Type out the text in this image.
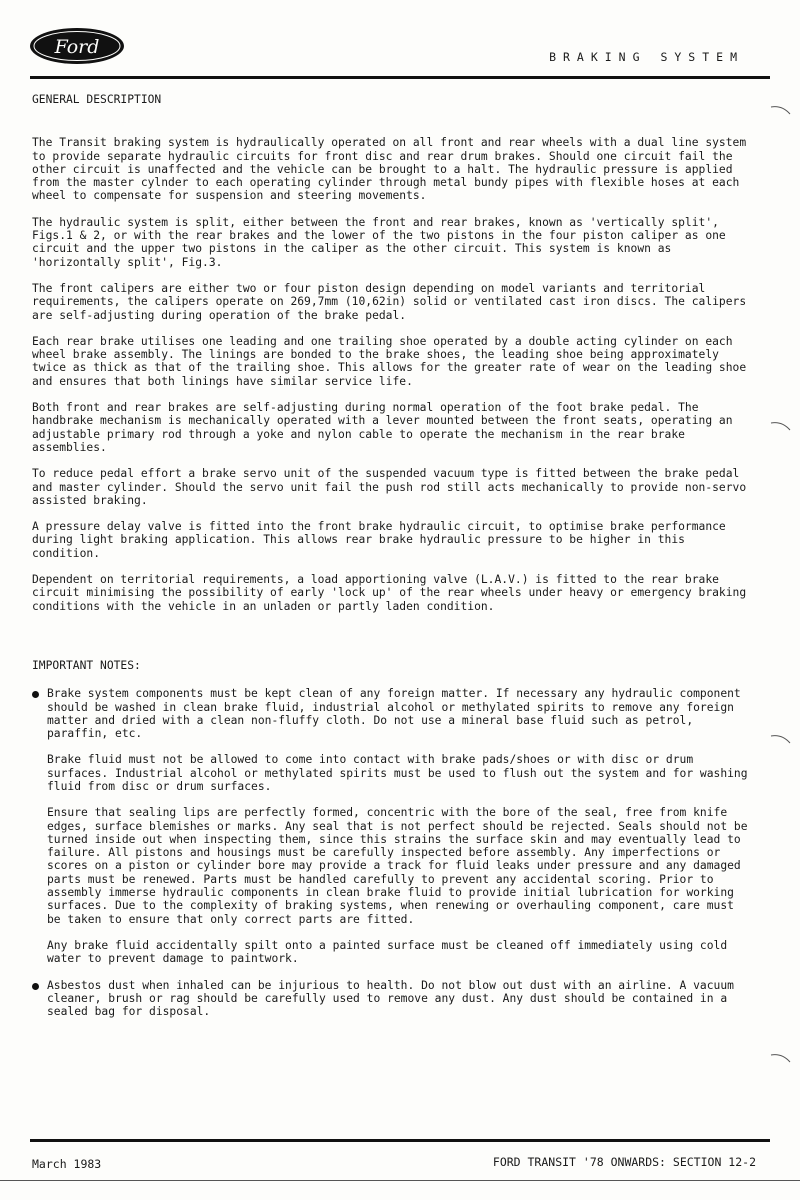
Ford	BRAKING SYSTEM
GENERAL DESCRIPTION

The Transit braking system is hydraulically operated on all front and rear wheels with a dual line system to provide separate hydraulic circuits for front disc and rear drum brakes. Should one circuit fail the other circuit is unaffected and the vehicle can be brought to a halt. The hydraulic pressure is applied from the master cylnder to each operating cylinder through metal bundy pipes with flexible hoses at each wheel to compensate for suspension and steering movements.

The hydraulic system is split, either between the front and rear brakes, known as 'vertically split', Figs.1 & 2, or with the rear brakes and the lower of the two pistons in the four piston caliper as one circuit and the upper two pistons in the caliper as the other circuit. This system is known as 'horizontally split', Fig.3.

The front calipers are either two or four piston design depending on model variants and territorial requirements, the calipers operate on 269,7mm (10,62in) solid or ventilated cast iron discs. The calipers are self-adjusting during operation of the brake pedal.

Each rear brake utilises one leading and one trailing shoe operated by a double acting cylinder on each wheel brake assembly. The linings are bonded to the brake shoes, the leading shoe being approximately twice as thick as that of the trailing shoe. This allows for the greater rate of wear on the leading shoe and ensures that both linings have similar service life.

Both front and rear brakes are self-adjusting during normal operation of the foot brake pedal. The handbrake mechanism is mechanically operated with a lever mounted between the front seats, operating an adjustable primary rod through a yoke and nylon cable to operate the mechanism in the rear brake assemblies.

To reduce pedal effort a brake servo unit of the suspended vacuum type is fitted between the brake pedal and master cylinder. Should the servo unit fail the push rod still acts mechanically to provide non-servo assisted braking.

A pressure delay valve is fitted into the front brake hydraulic circuit, to optimise brake performance during light braking application. This allows rear brake hydraulic pressure to be higher in this condition.

Dependent on territorial requirements, a load apportioning valve (L.A.V.) is fitted to the rear brake circuit minimising the possibility of early 'lock up' of the rear wheels under heavy or emergency braking conditions with the vehicle in an unladen or partly laden condition.

IMPORTANT NOTES:
Brake system components must be kept clean of any foreign matter. If necessary any hydraulic component should be washed in clean brake fluid, industrial alcohol or methylated spirits to remove any foreign matter and dried with a clean non-fluffy cloth. Do not use a mineral base fluid such as petrol, paraffin, etc.

Brake fluid must not be allowed to come into contact with brake pads/shoes or with disc or drum surfaces. Industrial alcohol or methylated spirits must be used to flush out the system and for washing fluid from disc or drum surfaces.

Ensure that sealing lips are perfectly formed, concentric with the bore of the seal, free from knife edges, surface blemishes or marks. Any seal that is not perfect should be rejected. Seals should not be turned inside out when inspecting them, since this strains the surface skin and may eventually lead to failure. All pistons and housings must be carefully inspected before assembly. Any imperfections or scores on a piston or cylinder bore may provide a track for fluid leaks under pressure and any damaged parts must be renewed. Parts must be handled carefully to prevent any accidental scoring. Prior to assembly immerse hydraulic components in clean brake fluid to provide initial lubrication for working surfaces. Due to the complexity of braking systems, when renewing or overhauling component, care must be taken to ensure that only correct parts are fitted.

Any brake fluid accidentally spilt onto a painted surface must be cleaned off immediately using cold water to prevent damage to paintwork.

Asbestos dust when inhaled can be injurious to health. Do not blow out dust with an airline. A vacuum cleaner, brush or rag should be carefully used to remove any dust. Any dust should be contained in a sealed bag for disposal.
March 1983	FORD TRANSIT '78 ONWARDS: SECTION 12-2
